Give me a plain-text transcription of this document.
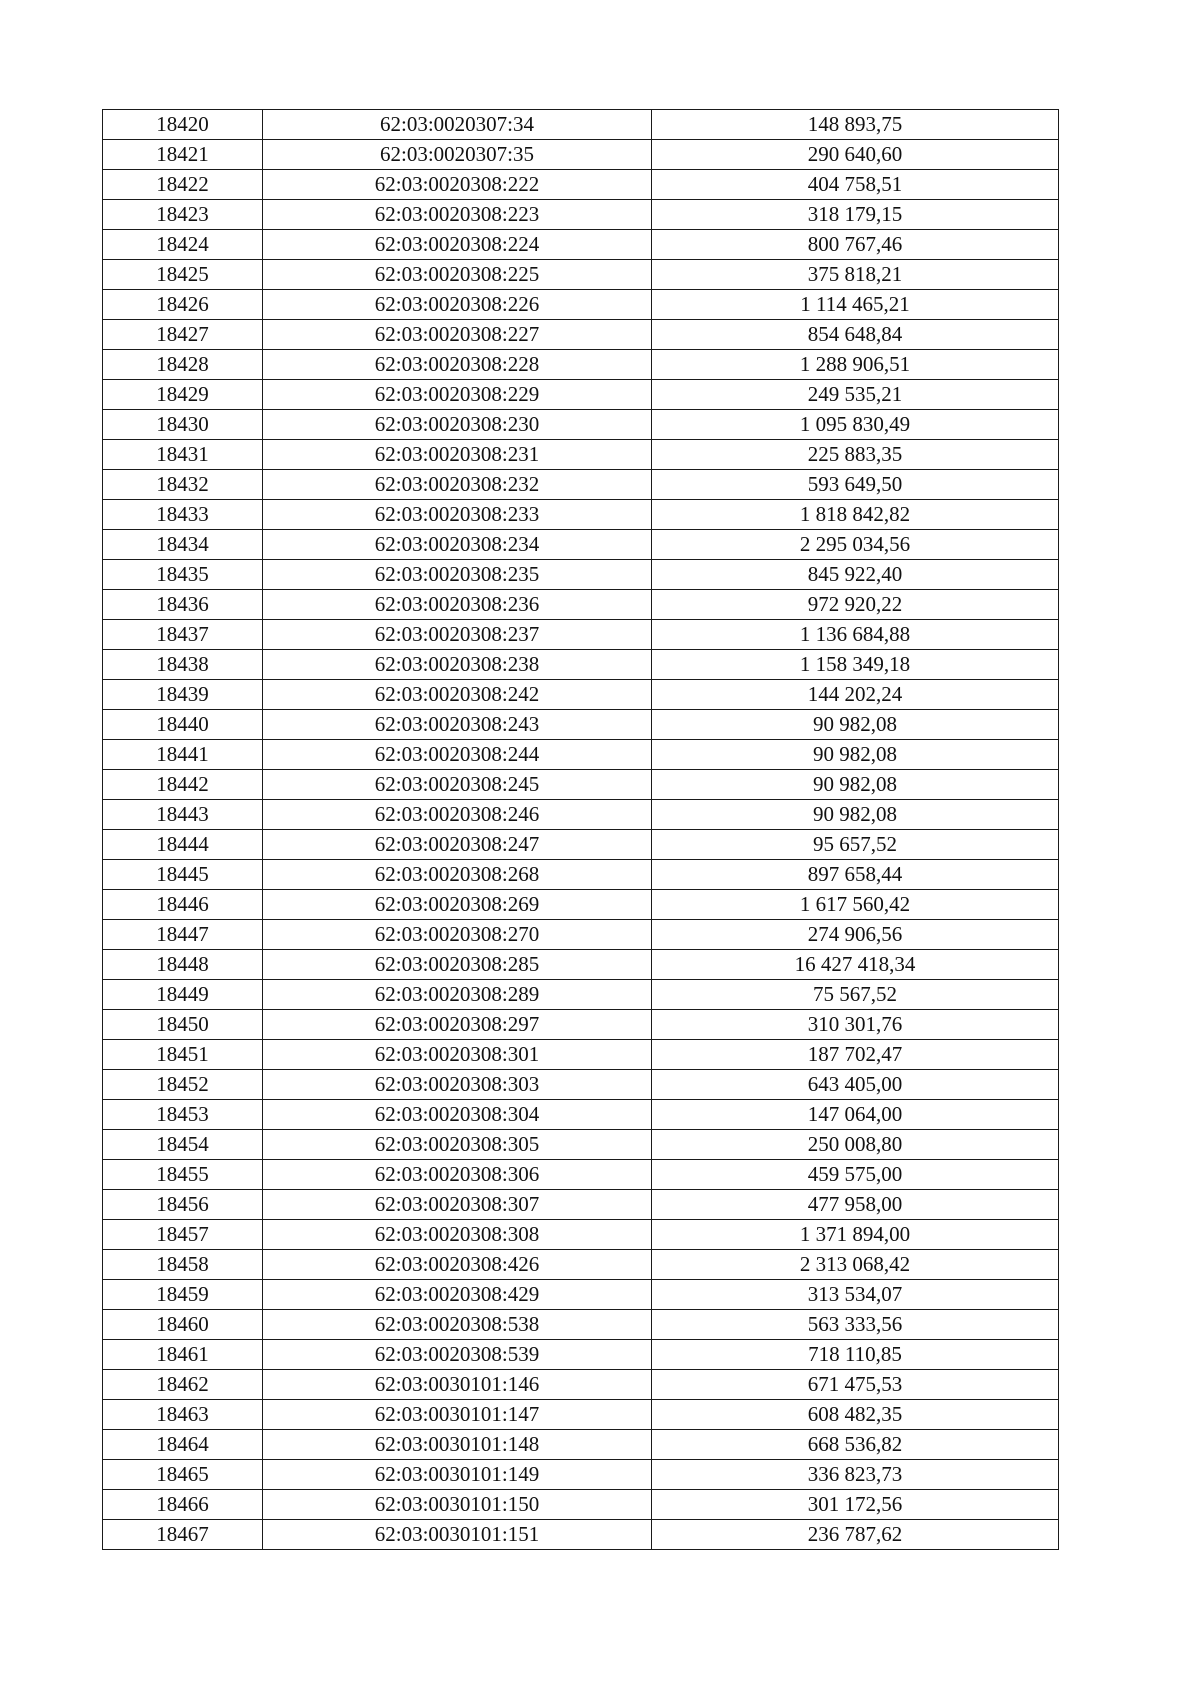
18420	62:03:0020307:34	148 893,75
18421	62:03:0020307:35	290 640,60
18422	62:03:0020308:222	404 758,51
18423	62:03:0020308:223	318 179,15
18424	62:03:0020308:224	800 767,46
18425	62:03:0020308:225	375 818,21
18426	62:03:0020308:226	1 114 465,21
18427	62:03:0020308:227	854 648,84
18428	62:03:0020308:228	1 288 906,51
18429	62:03:0020308:229	249 535,21
18430	62:03:0020308:230	1 095 830,49
18431	62:03:0020308:231	225 883,35
18432	62:03:0020308:232	593 649,50
18433	62:03:0020308:233	1 818 842,82
18434	62:03:0020308:234	2 295 034,56
18435	62:03:0020308:235	845 922,40
18436	62:03:0020308:236	972 920,22
18437	62:03:0020308:237	1 136 684,88
18438	62:03:0020308:238	1 158 349,18
18439	62:03:0020308:242	144 202,24
18440	62:03:0020308:243	90 982,08
18441	62:03:0020308:244	90 982,08
18442	62:03:0020308:245	90 982,08
18443	62:03:0020308:246	90 982,08
18444	62:03:0020308:247	95 657,52
18445	62:03:0020308:268	897 658,44
18446	62:03:0020308:269	1 617 560,42
18447	62:03:0020308:270	274 906,56
18448	62:03:0020308:285	16 427 418,34
18449	62:03:0020308:289	75 567,52
18450	62:03:0020308:297	310 301,76
18451	62:03:0020308:301	187 702,47
18452	62:03:0020308:303	643 405,00
18453	62:03:0020308:304	147 064,00
18454	62:03:0020308:305	250 008,80
18455	62:03:0020308:306	459 575,00
18456	62:03:0020308:307	477 958,00
18457	62:03:0020308:308	1 371 894,00
18458	62:03:0020308:426	2 313 068,42
18459	62:03:0020308:429	313 534,07
18460	62:03:0020308:538	563 333,56
18461	62:03:0020308:539	718 110,85
18462	62:03:0030101:146	671 475,53
18463	62:03:0030101:147	608 482,35
18464	62:03:0030101:148	668 536,82
18465	62:03:0030101:149	336 823,73
18466	62:03:0030101:150	301 172,56
18467	62:03:0030101:151	236 787,62
